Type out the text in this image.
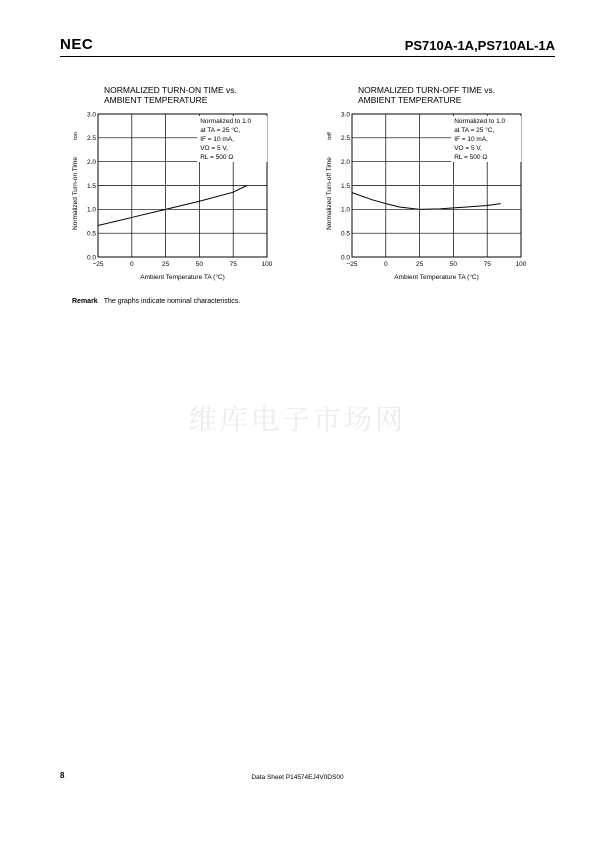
NEC	PS710A-1A,PS710AL-1A
NORMALIZED TURN-ON TIME vs.
AMBIENT TEMPERATURE
−25	0	25	50	75	100
0.0
0.5
1.0
1.5
2.0
2.5
3.0
Ambient Temperature TA (°C)
Normalized Turn-on Time
ton
Normalized to 1.0
at TA = 25 °C,
IF = 10 mA,
VO = 5 V,
RL = 500 Ω
NORMALIZED TURN-OFF TIME vs.
AMBIENT TEMPERATURE
−25	0	25	50	75	100
0.0
0.5
1.0
1.5
2.0
2.5
3.0
Ambient Temperature TA (°C)
Normalized Turn-off Time
toff
Normalized to 1.0
at TA = 25 °C,
IF = 10 mA,
VO = 5 V,
RL = 500 Ω
Remark The graphs indicate nominal characteristics.
维库电子市场网
8	Data Sheet P14574EJ4V0DS00
